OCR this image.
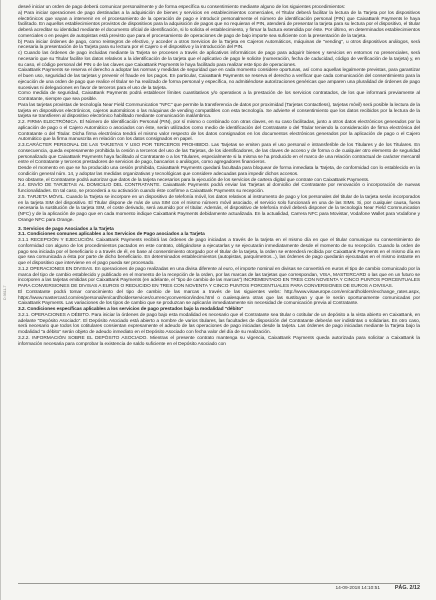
D.9811-7

deseé iniciar un orden de pago deberá comunicar personalmente y de forma específica su consentimiento mediante alguno de los siguientes procedimientos:

a) Para iniciar operaciones de pago destinadas a la adquisición de bienes y servicios en establecimientos comerciales, el Titular deberá facilitar la lectura de la Tarjeta por los dispositivos electrónicos que vayan a intervenir en el procesamiento de la operación de pago e introducir personalmente el número de identificación personal (PIN) que CaixaBank Payments le haya facilitado. En aquellos establecimientos provistos de dispositivos para la adquisición de pagos que no requieran el PIN, atenderá de presentar la tarjeta para su lectura por el dispositivo, el titular deberá acreditar su identidad mediante el documento oficial de identificación, si lo solicita el establecimiento, y firmar la factura extendida por éste. Por último, en determinados establecimientos comerciales o en peajes de autopistas está previsto que para el procesamiento de operaciones de pago de bajo importe sea suficiente con la presentación de la tarjeta.

b) Para iniciar órdenes de pago, como reintegros de efectivo, y acceder a otros Servicios de la Tarjeta en Cajeros Automáticos, máquinas de "vending", u otros dispositivos análogos, será necesaria la presentación de la Tarjeta para su lectura por el Cajero o el dispositivo y la introducción del PIN.

c) Cuando las órdenes de pago incluidas mediante la Tarjeta se procesen a través de aplicativos informáticos de pago para adquirir bienes y servicios en entornos no presenciales, será necesario que su Titular facilite los datos relativos a la identificación de la tarjeta que el aplicativo de pago le solicite (numeración, fecha de caducidad, código de verificación de la tarjeta) y, en su caso, el código personal del PIN o de las claves que CaixaBank Payments le haya facilitado para realizar este tipo de operaciones.

CaixaBank Payments se reserva el derecho a adoptar las normas y medidas de seguridad que en cada momento considere oportunas, así como aquellas legalmente previstas, para garantizar el buen uso, seguridad de las tarjetas y prevenir el fraude en los pagos. En particular, CaixaBank Payments se reserva el derecho a verificar que cada comunicación del consentimiento para la ejecución de una orden de pago que realice el titular se ha realizado de forma personal y específica, no admitiéndose autorizaciones genéricas que amparen una pluralidad de órdenes de pago sucesivas ni delegaciones en favor de terceros para el uso de la tarjeta.

Como medida de seguridad, CaixaBank Payments podrá establecer límites cuantitativos y/o operativos a la prestación de los servicios contratados, de los que informará previamente al Contratante, siempre que sea posible.

Para las tarjetas provistas de tecnología Near Field Communication "NFC" que permite la transferencia de datos por proximidad (Tarjetas Contactless), tarjetas móvil) será posible la lectura de la tarjeta en dispositivos electrónicos, cajeros automáticos o las máquinas de vending compatibles con esta tecnología. Se advierte el consentimiento que los datos recibidos por la lectura de la tarjeta se transfieren al dispositivo electrónico habilitado mediante comunicación inalámbrica.

2.2. FIRMA ELECTRÓNICA. El Número de Identificación Personal (PIN), por sí mismo o combinado con otras claves, en su caso facilitadas, junto a otros datos electrónicos generados por la aplicación de pago o el Cajero Automático o asociados con éste, serán utilizados como medio de identificación del Contratante o del Titular teniendo la consideración de firma electrónica del Contratante o del Titular. Dicha firma electrónica tendrá el mismo valor respecto de los datos consignados en los documentos electrónicos generados por la aplicación de pago o el Cajero Automático que la firma manuscrita en relación con los datos consignados en papel.

2.3.CARÁCTER PERSONAL DE LAS TARJETAS Y USO POR TERCEROS PROHIBIDO. Las Tarjetas se emiten para el uso personal e intransferible de los Titulares y de los Titulares. En consecuencia, queda expresamente prohibida la cesión a terceros del uso de las Tarjetas, de los identificadores, de las claves de acceso y de forma o de cualquier otro elemento de seguridad personalizado que CaixaBank Payments haya facilitado al Contratante o a los Titulares, especialmente si la misma se ha producido en el marco de una relación contractual de carácter mercantil entre el Contratante y terceros prestadores de servicios de pago, bancarios o análogos, como agregadores financieros.

Desde el momento en que se ha producido una cesión prohibida, CaixaBank Payments quedará facultada para bloquear de forma inmediata la Tarjeta, de conformidad con lo establecido en la condición general núm. 14, y adoptar las medidas organizativas y tecnológicas que considere adecuadas para impedir dichos accesos.

No obstante, el Contratante podrá autorizar que datos de la tarjeta necesarios para la ejecución de los servicios de cartera digital que contrate con CaixaBank Payments.

2.4. ENVÍO DE TARJETAS AL DOMICILIO DEL CONTRATANTE. CaixaBank Payments podrá enviar las Tarjetas al domicilio del Contratante por renovación o incorporación de nuevas funcionalidades. En tal caso, se procederá a su activación cuando éste confirme a CaixaBank Payments su recepción.

2.5. TARJETA MÓVIL. Cuando la Tarjeta se incorpore en un dispositivo de telefonía móvil, los datos relativos al instrumento de pago y los personales del titular de la tarjeta serán incorporados en la tarjeta SIM del dispositivo. El Titular dispone de más de una SIM con el mismo número móvil asociado, el servicio solo funcionará en una de las SIMs. Si, por cualquier causa, fuera necesaria la sustitución de la tarjeta SIM, el coste derivado, será asumido por el titular. Además, el dispositivo de telefonía móvil deberá disponer de la tecnología Near Field Communication (NFC) y de la aplicación de pago que en cada momento indique CaixaBank Payments debidamente actualizada. En la actualidad, Carrera NFC para Movistar, Vodafone Wallet para Vodafone y Orange NFC para Orange.

3. Servicios de pago Asociados a la Tarjeta
3.1. Condiciones comunes aplicables a los Servicios de Pago asociados a la Tarjeta

3.1.1 RECEPCIÓN Y EJECUCIÓN. CaixaBank Payments recibirá las órdenes de pago iniciadas a través de la tarjeta en el mismo día en que el titular comunique su consentimiento de conformidad con alguno de los procedimientos pactados en este contrato, obligándose a ejecutarlas y se ejecutarán inmediatamente desde el momento de su recepción. Cuando la orden de pago sea iniciada por el beneficiario o a través de él, en base al consentimiento otorgado por el titular de la tarjeta, la orden se entenderá recibida por CaixaBank Payments en el mismo día en que sea comunicada a ésta por parte de dicho beneficiario. En determinados establecimientos (autopistas, parquímetros...), las órdenes de pago quedarán ejecutadas en el mismo instante en que el dispositivo que interviene en el pago pueda ser procesado.

3.1.2 OPERACIONES EN DIVISAS. En operaciones de pago realizadas en una divisa diferente al euro, el importe nominal en divisas se convertirá en euros el tipo de cambio comunicado por la marca del tipo de cambio establecido y publicado en el momento de la recepción de la orden, por las marcas de las tarjetas que correspondan, VISA, MASTERCARD o las que en un futuro se incorporen a las tarjetas emitidas por CaixaBank Payments (en adelante, el "tipo de cambio de las marcas") INCREMENTADO EN TRES CON NOVENTA Y CINCO PUNTOS PORCENTUALES PARA CONVERSIONES DE DIVISAS A EUROS O REDUCIDO EN TRES CON NOVENTA Y CINCO PUNTOS PORCENTUALES PARA CONVERSIONES DE EUROS A DIVISAS.

El Contratante podrá tomar conocimiento del tipo de cambio de las marcas a través de las siguientes webs: http://www.visaeurope.com/en/cardholders/exchange_rates.aspx, https://www.mastercard.com/es/personal/en/cardholderservices/currencyconversion/index.html o cualesquiera otras que las sustituyan y que le serán oportunamente comunicadas por CaixaBank Payments. Las variaciones de los tipos de cambio que se produzcan se aplicarán inmediatamente sin necesidad de comunicación previa al Contratante.

3.2. Condiciones específicas aplicables a los servicios de pago prestados bajo la modalidad "débito"

3.2.1. OPERACIONES A DÉBITO. Para iniciar la órdenes de pago bajo esta modalidad es necesario que el Contratante sea titular o cotitular de un depósito a la vista abierto en CaixaBank, en adelante "Depósito Asociado". El Depósito Asociado está abierto a nombre de varios titulares, las facultades de disposición del Contratante deberán ser indistintas o solidarias. En otro caso, será necesario que todos los cotitulares consientan expresamente el adeudo de las operaciones de pago iniciadas desde la tarjeta. Las órdenes de pago iniciadas mediante la Tarjeta bajo la modalidad "a débito" serán objeto de adeudo inmediato en el Depósito Asociado con fecha valor del día de su realización.

3.2.2. INFORMACIÓN SOBRE EL DEPÓSITO ASOCIADO. Mientras el presente contrato mantenga su vigencia, CaixaBank Payments queda autorizada para solicitar a CaixaBank la información necesaria para comprobar la existencia de saldo suficiente en el Depósito Asociado con

14-09-2018 14:10:51	PÁG. 2/12
